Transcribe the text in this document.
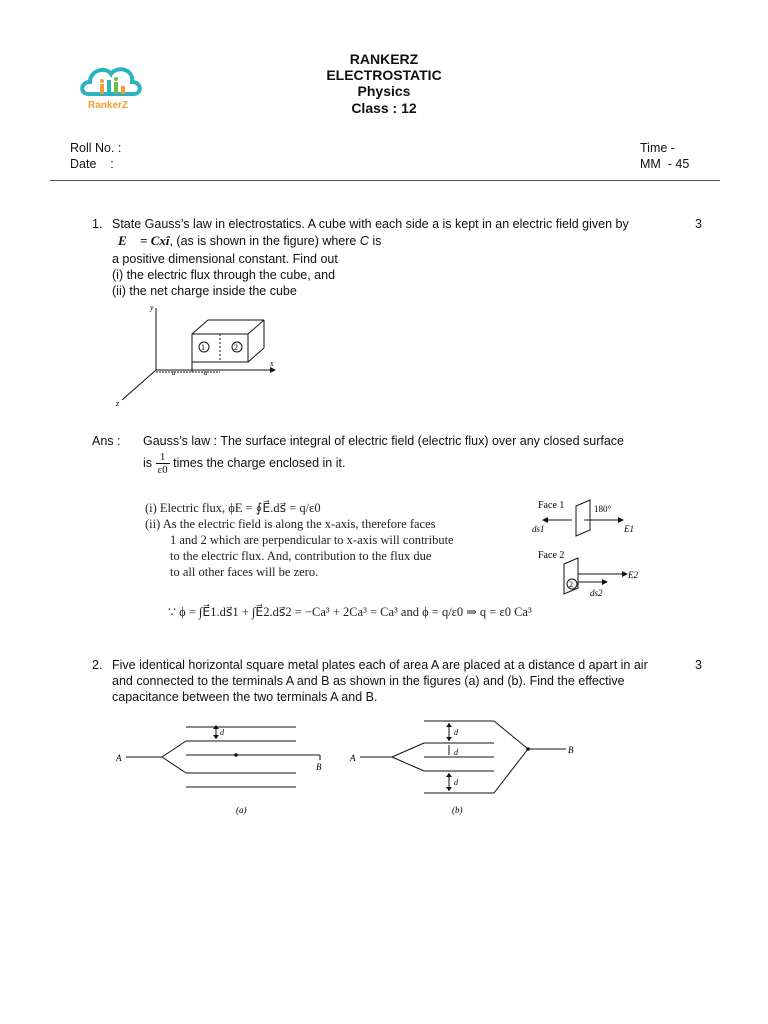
RankerZ
RANKERZ
ELECTROSTATIC
Physics
Class : 12
Roll No. :
Date    :
Time -
MM  - 45
1. State Gauss’s law in electrostatics. A cube with each side a is kept in an electric field given by	3
E⃗ = Cxî, (as is shown in the figure) where C is
a positive dimensional constant. Find out
(i) the electric flux through the cube, and
(ii) the net charge inside the cube
1	2
a	a
y
x
z
Ans : Gauss’s law : The surface integral of electric field (electric flux) over any closed surface
is $\frac{1}{\varepsilon 0}$ times the charge enclosed in it.
(i) Electric flux, ϕE = ∮E⃗.ds⃗ = q/ε0
(ii) As the electric field is along the x-axis, therefore faces
1 and 2 which are perpendicular to x-axis will contribute
to the electric flux. And, contribution to the flux due
to all other faces will be zero.
∵ ϕ = ∫E⃗1.ds⃗1 + ∫E⃗2.ds⃗2 = −Ca³ + 2Ca³ = Ca³ and ϕ = q/ε0 ⇒ q = ε0 Ca³
Face 1	180°
ds1	E1
Face 2
2
E2
ds2
2. Five identical horizontal square metal plates each of area A are placed at a distance d apart in air	3
and connected to the terminals A and B as shown in the figures (a) and (b). Find the effective
capacitance between the two terminals A and B.
A
d
B
(a)
A
B
d
d
d
(b)
